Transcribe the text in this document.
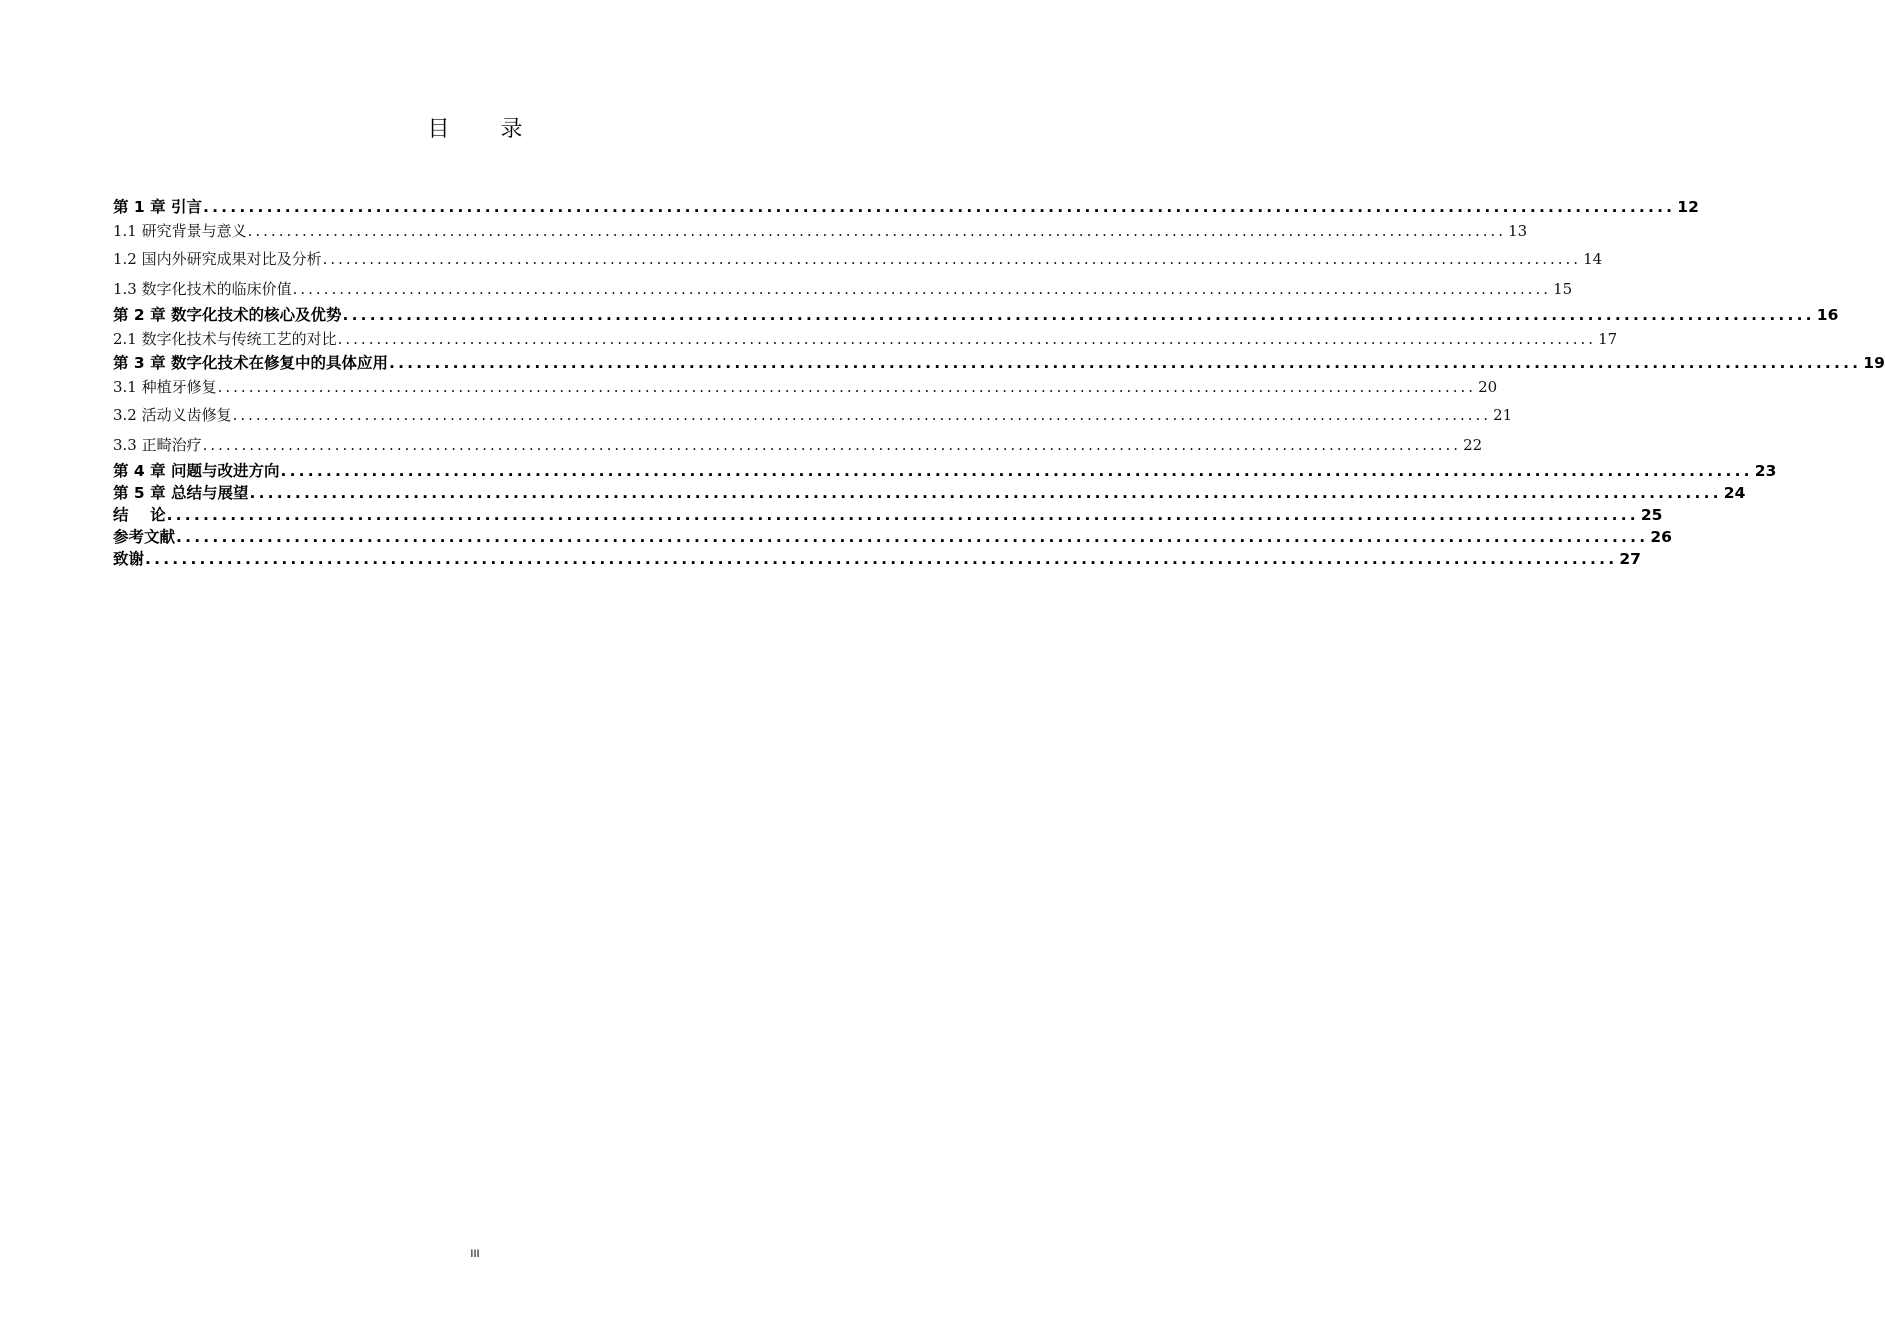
目 录
第 1 章 引言 .................................................................................................................................................................. 12
1.1 研究背景与意义 .................................................................................................................................................................. 13
1.2 国内外研究成果对比及分析 .................................................................................................................................................................. 14
1.3 数字化技术的临床价值 .................................................................................................................................................................. 15
第 2 章 数字化技术的核心及优势 .................................................................................................................................................................. 16
2.1 数字化技术与传统工艺的对比 .................................................................................................................................................................. 17
第 3 章 数字化技术在修复中的具体应用 .................................................................................................................................................................. 19
3.1 种植牙修复 .................................................................................................................................................................. 20
3.2 活动义齿修复 .................................................................................................................................................................. 21
3.3 正畸治疗 .................................................................................................................................................................. 22
第 4 章 问题与改进方向 .................................................................................................................................................................. 23
第 5 章 总结与展望 .................................................................................................................................................................. 24
结    论 .................................................................................................................................................................. 25
参考文献 .................................................................................................................................................................. 26
致谢 .................................................................................................................................................................. 27
III
